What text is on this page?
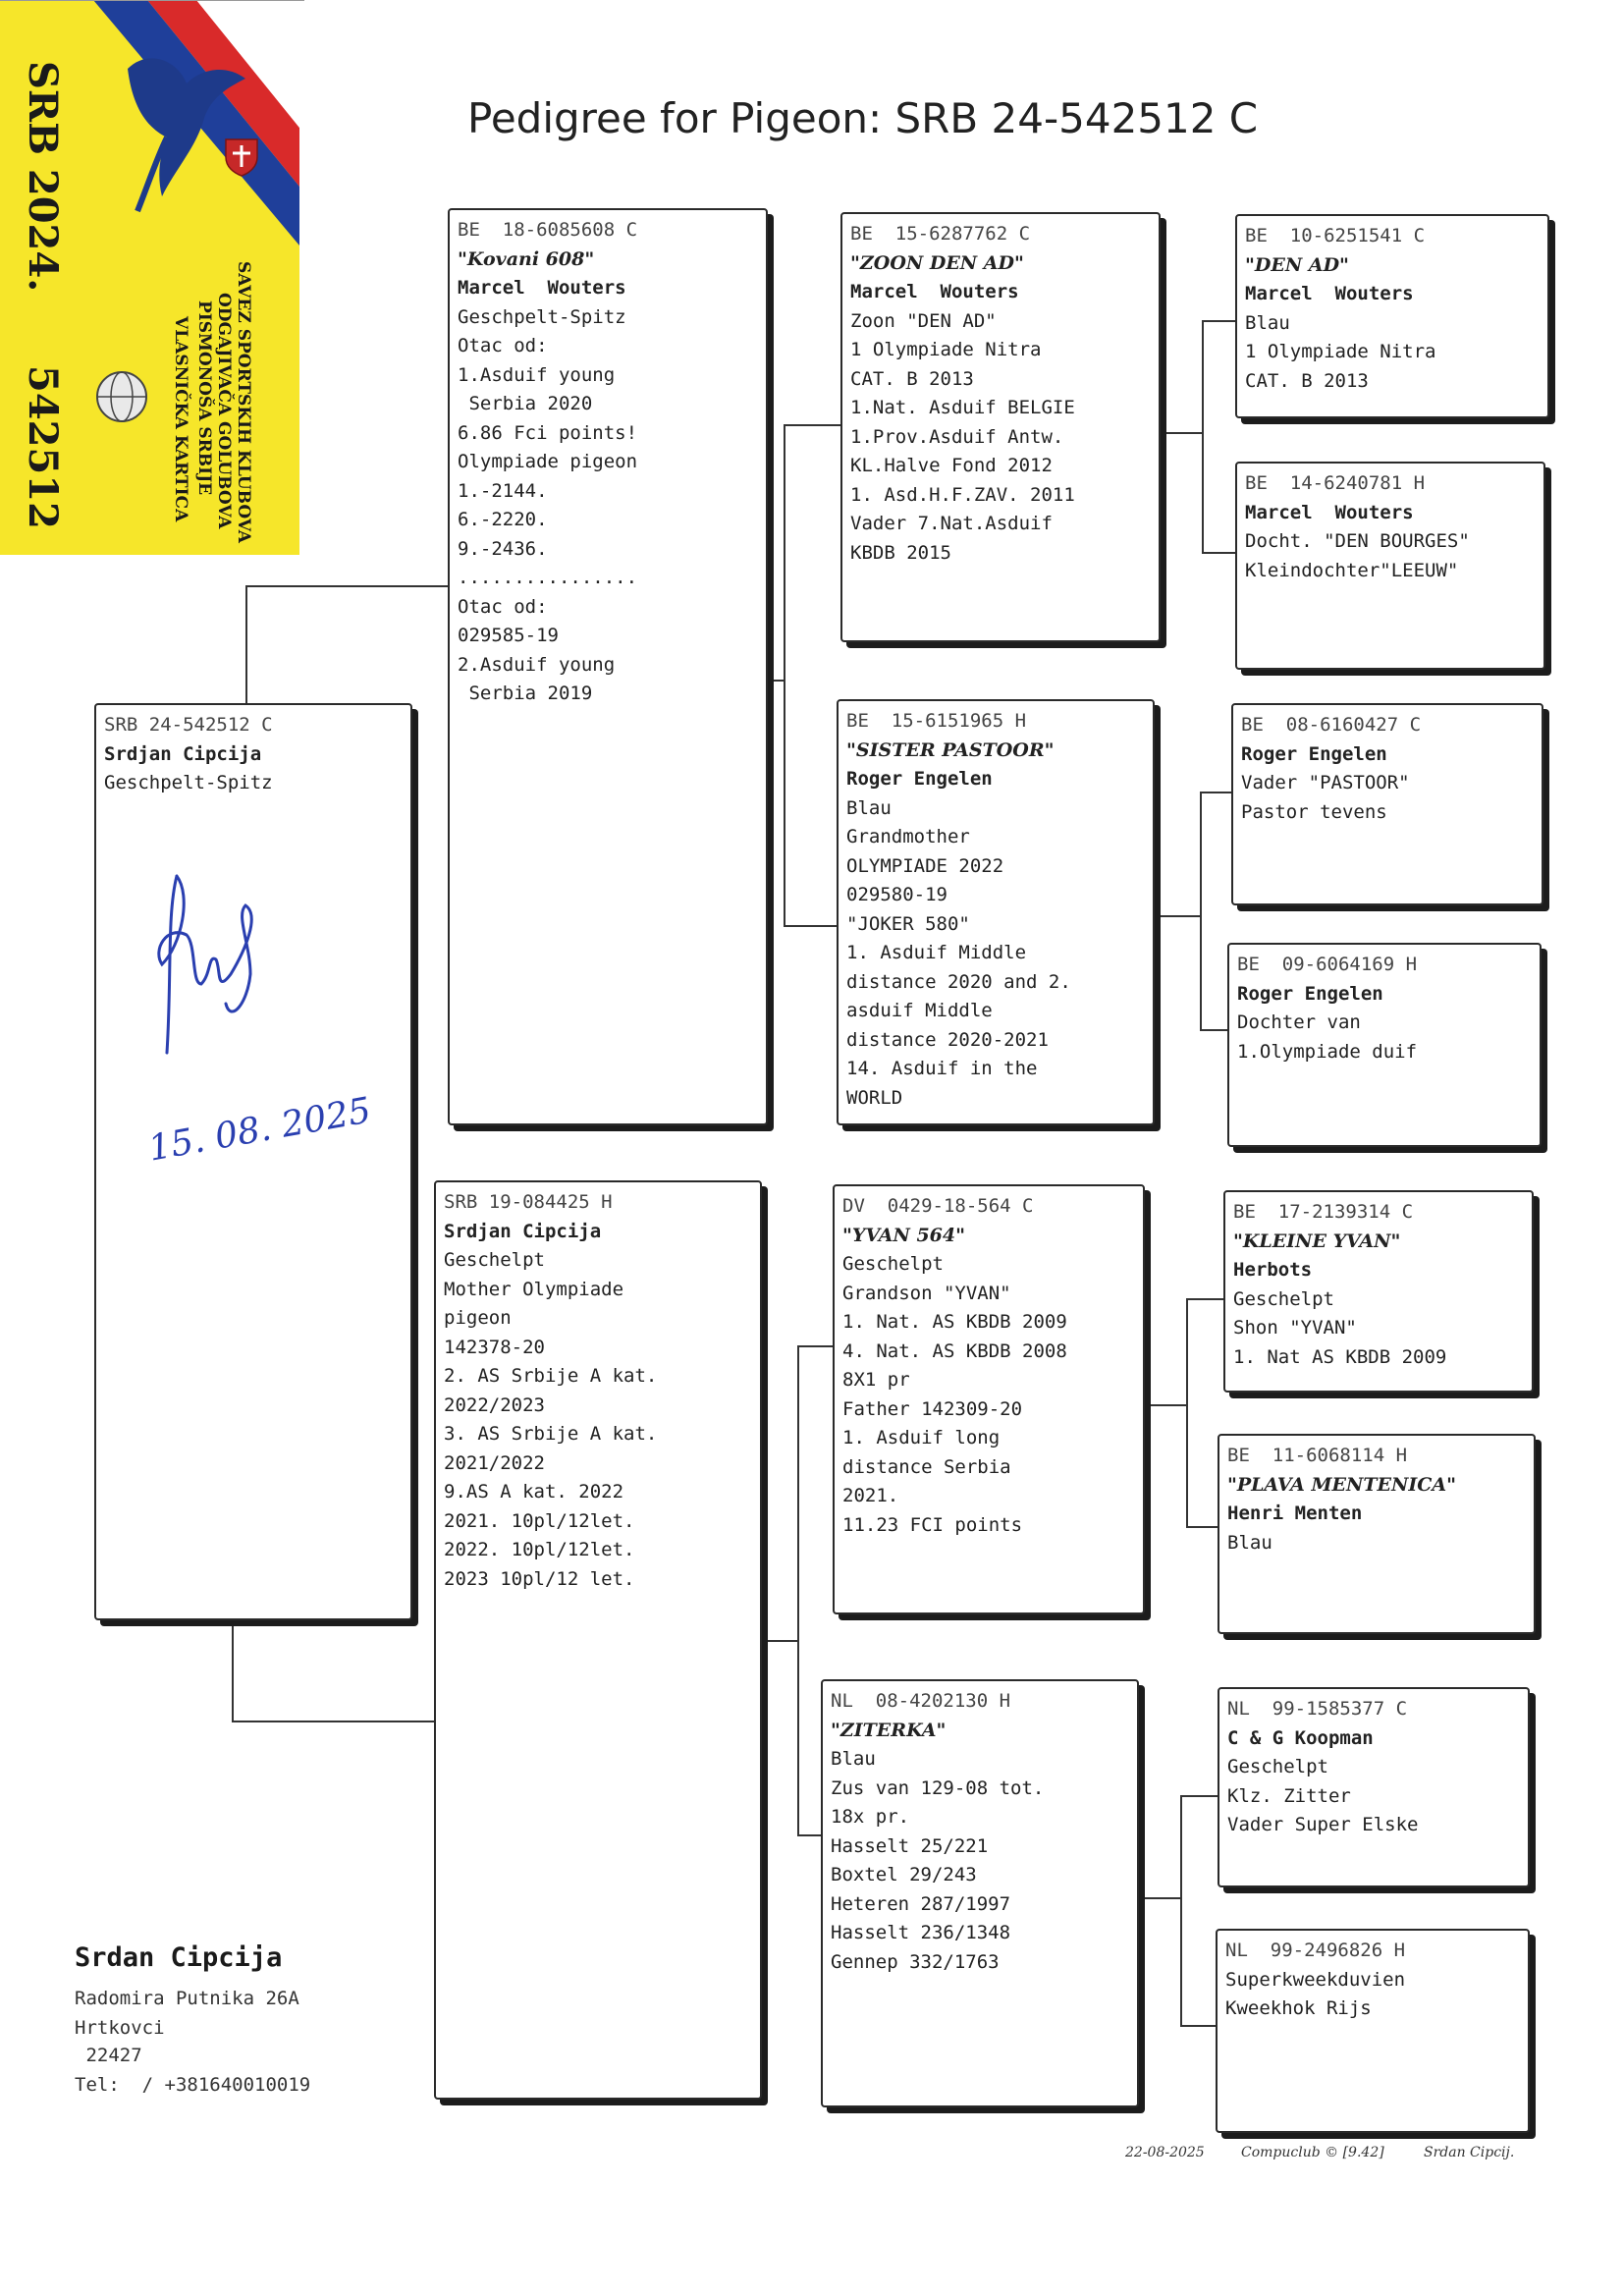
SRB 2024.
542512	SAVEZ SPORTSKIH KLUBOVA
ODGAJIVAČA GOLUBOVA
PISMONOŠA SRBIJE
VLASNIČKA KARTICA
Pedigree for Pigeon: SRB 24-542512 C
SRB 24-542512 C
Srdjan Cipcija
Geschpelt-Spitz
BE  18-6085608 C
"Kovani 608"
Marcel  Wouters
Geschpelt-Spitz
Otac od:
1.Asduif young
Serbia 2020
6.86 Fci points!
Olympiade pigeon
1.-2144.
6.-2220.
9.-2436.
................
Otac od:
029585-19
2.Asduif young
Serbia 2019
SRB 19-084425 H
Srdjan Cipcija
Geschelpt
Mother Olympiade
pigeon
142378-20
2. AS Srbije A kat.
2022/2023
3. AS Srbije A kat.
2021/2022
9.AS A kat. 2022
2021. 10pl/12let.
2022. 10pl/12let.
2023 10pl/12 let.
BE  15-6287762 C
"ZOON DEN AD"
Marcel  Wouters
Zoon "DEN AD"
1 Olympiade Nitra
CAT. B 2013
1.Nat. Asduif BELGIE
1.Prov.Asduif Antw.
KL.Halve Fond 2012
1. Asd.H.F.ZAV. 2011
Vader 7.Nat.Asduif
KBDB 2015
BE  15-6151965 H
"SISTER PASTOOR"
Roger Engelen
Blau
Grandmother
OLYMPIADE 2022
029580-19
"JOKER 580"
1. Asduif Middle
distance 2020 and 2.
asduif Middle
distance 2020-2021
14. Asduif in the
WORLD
DV  0429-18-564 C
"YVAN 564"
Geschelpt
Grandson "YVAN"
1. Nat. AS KBDB 2009
4. Nat. AS KBDB 2008
8X1 pr
Father 142309-20
1. Asduif long
distance Serbia
2021.
11.23 FCI points
NL  08-4202130 H
"ZITERKA"
Blau
Zus van 129-08 tot.
18x pr.
Hasselt 25/221
Boxtel 29/243
Heteren 287/1997
Hasselt 236/1348
Gennep 332/1763
BE  10-6251541 C
"DEN AD"
Marcel  Wouters
Blau
1 Olympiade Nitra
CAT. B 2013
BE  14-6240781 H
Marcel  Wouters
Docht. "DEN BOURGES"
Kleindochter"LEEUW"
BE  08-6160427 C
Roger Engelen
Vader "PASTOOR"
Pastor tevens
BE  09-6064169 H
Roger Engelen
Dochter van
1.Olympiade duif
BE  17-2139314 C
"KLEINE YVAN"
Herbots
Geschelpt
Shon "YVAN"
1. Nat AS KBDB 2009
BE  11-6068114 H
"PLAVA MENTENICA"
Henri Menten
Blau
NL  99-1585377 C
C & G Koopman
Geschelpt
Klz. Zitter
Vader Super Elske
NL  99-2496826 H
Superkweekduvien
Kweekhok Rijs
15. 08. 2025
Srdan Cipcija
Radomira Putnika 26A
Hrtkovci
22427
Tel:  / +381640010019
22-08-2025	Compuclub © [9.42]	Srdan Cipcij.
